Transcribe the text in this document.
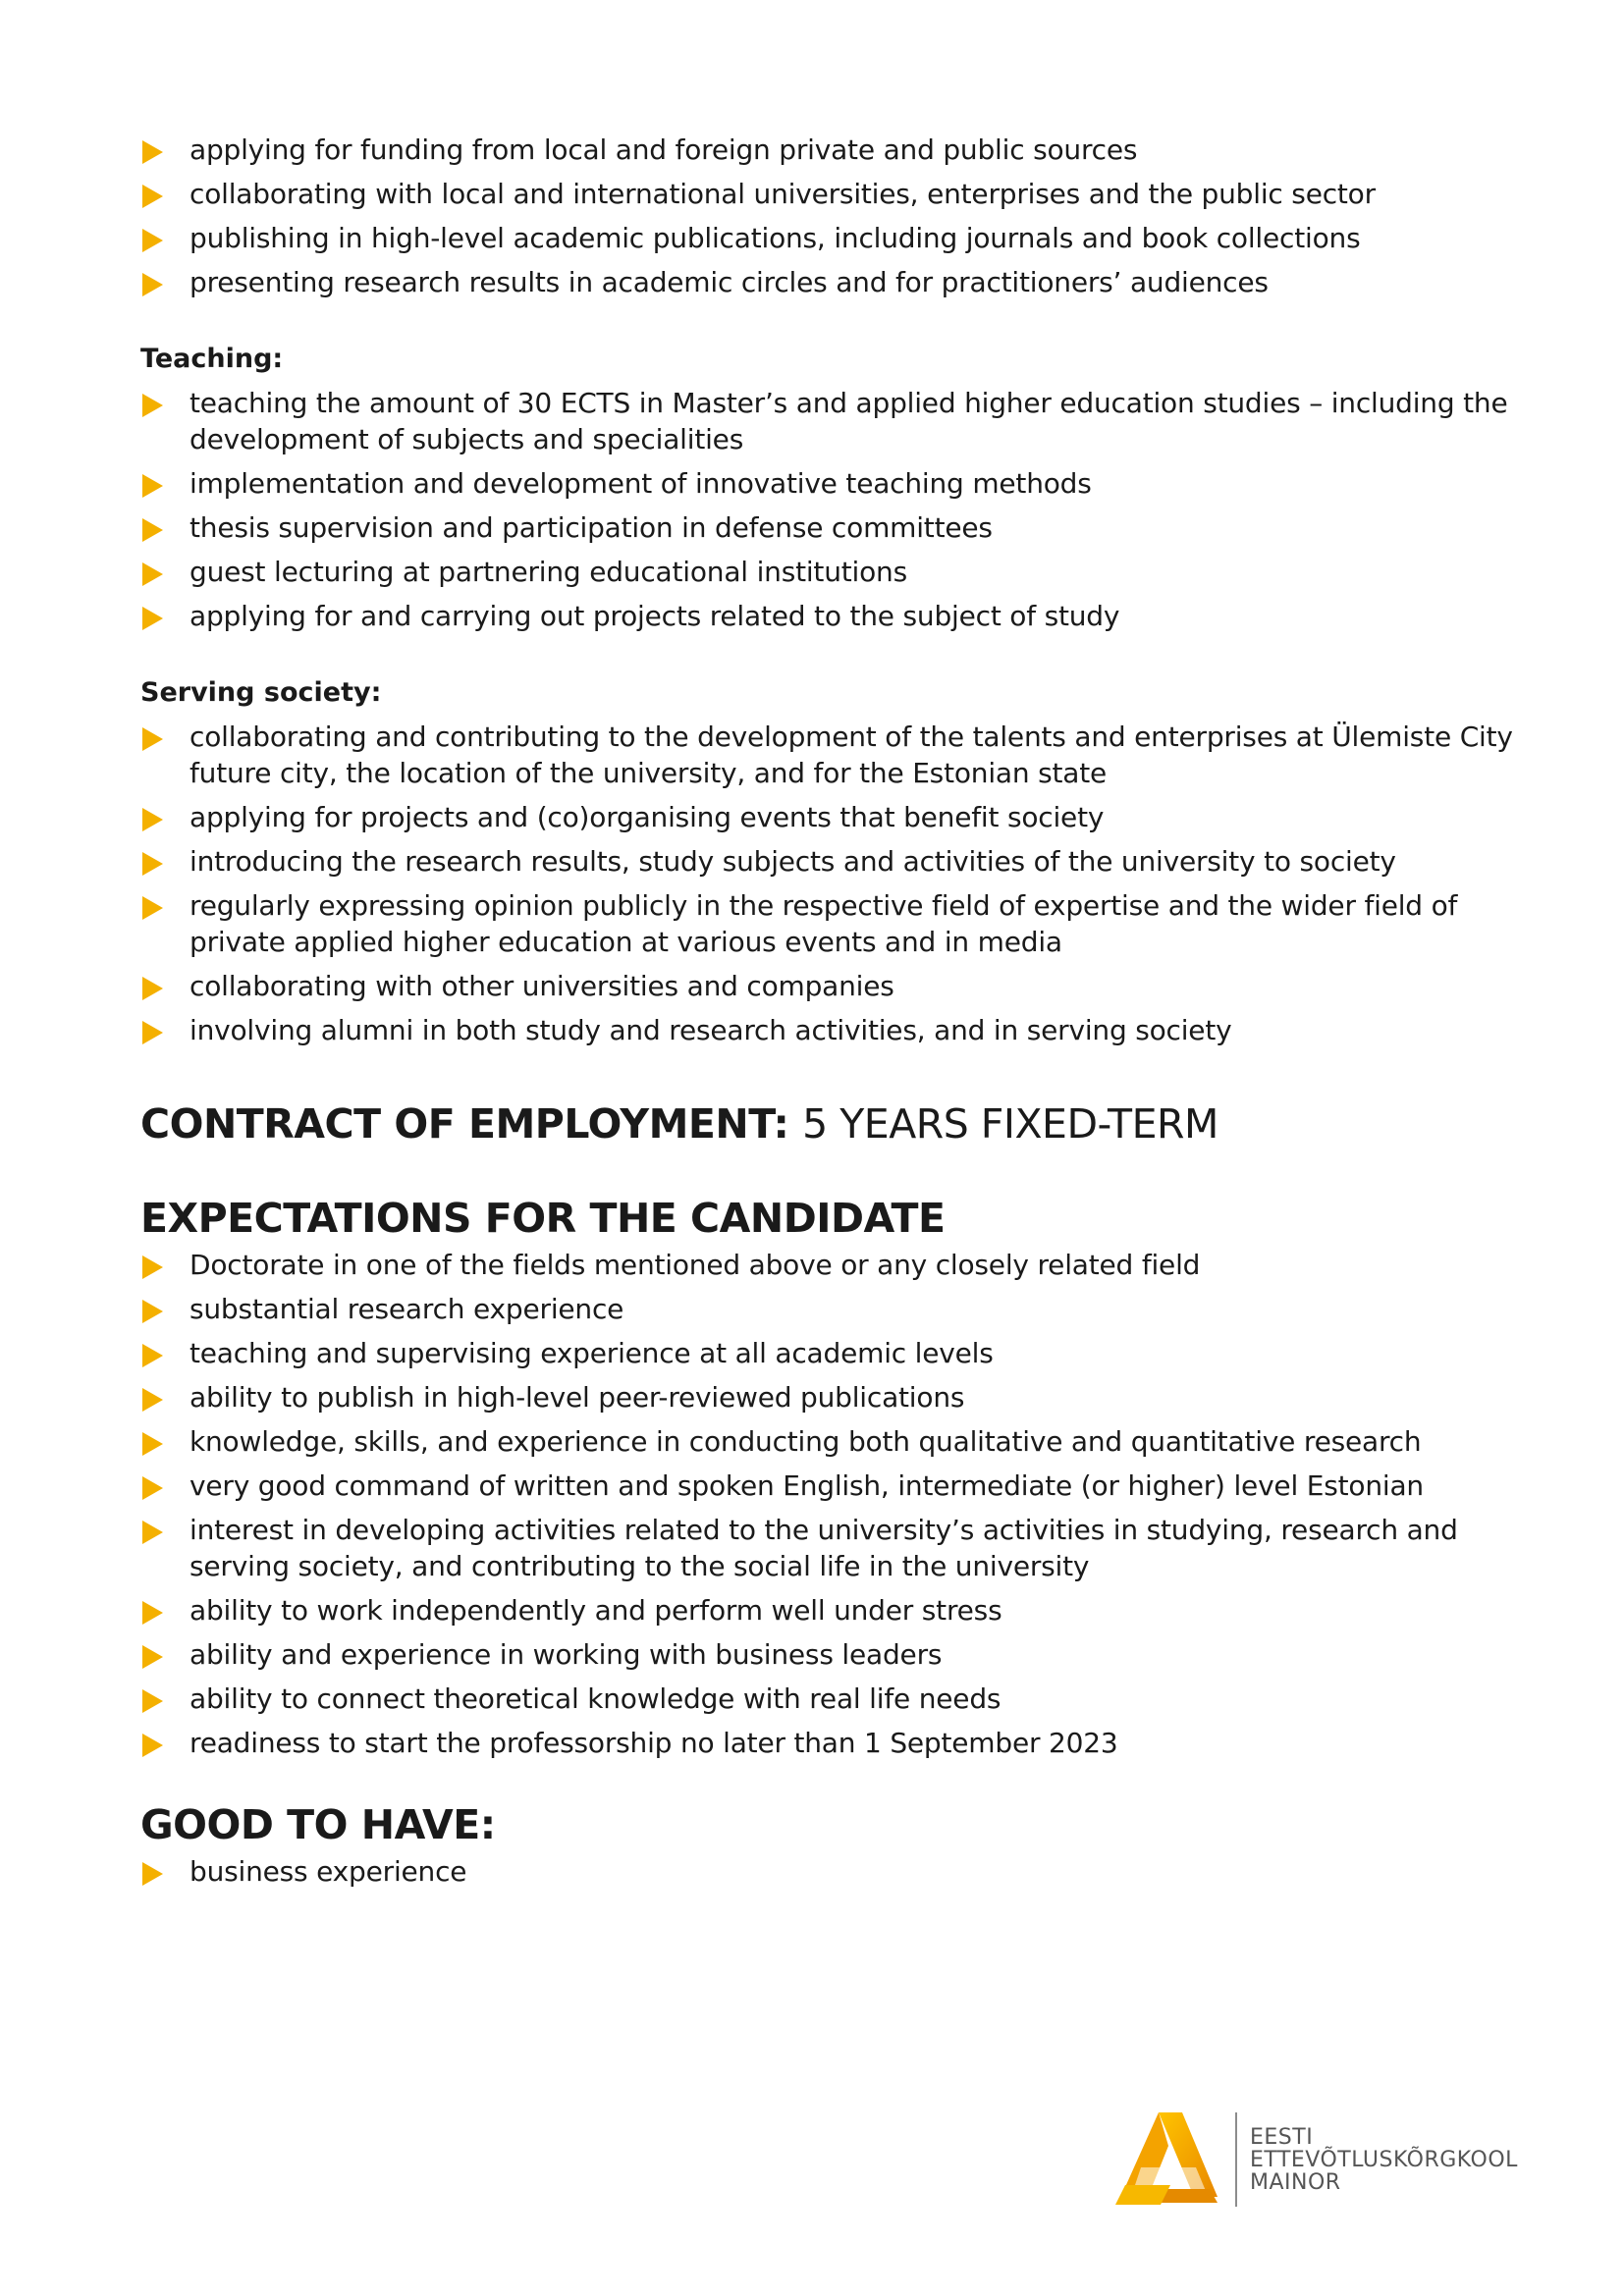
applying for funding from local and foreign private and public sources
collaborating with local and international universities, enterprises and the public sector
publishing in high-level academic publications, including journals and book collections
presenting research results in academic circles and for practitioners’ audiences
Teaching:
teaching the amount of 30 ECTS in Master’s and applied higher education studies – including the development of subjects and specialities
implementation and development of innovative teaching methods
thesis supervision and participation in defense committees
guest lecturing at partnering educational institutions
applying for and carrying out projects related to the subject of study
Serving society:
collaborating and contributing to the development of the talents and enterprises at Ülemiste City future city, the location of the university, and for the Estonian state
applying for projects and (co)organising events that benefit society
introducing the research results, study subjects and activities of the university to society
regularly expressing opinion publicly in the respective field of expertise and the wider field of private applied higher education at various events and in media
collaborating with other universities and companies
involving alumni in both study and research activities, and in serving society
CONTRACT OF EMPLOYMENT: 5 YEARS FIXED-TERM
EXPECTATIONS FOR THE CANDIDATE
Doctorate in one of the fields mentioned above or any closely related field
substantial research experience
teaching and supervising experience at all academic levels
ability to publish in high-level peer-reviewed publications
knowledge, skills, and experience in conducting both qualitative and quantitative research
very good command of written and spoken English, intermediate (or higher) level Estonian
interest in developing activities related to the university’s activities in studying, research and serving society, and contributing to the social life in the university
ability to work independently and perform well under stress
ability and experience in working with business leaders
ability to connect theoretical knowledge with real life needs
readiness to start the professorship no later than 1 September 2023
GOOD TO HAVE:
business experience
EESTI
ETTEVÕTLUSKÕRGKOOL
MAINOR
